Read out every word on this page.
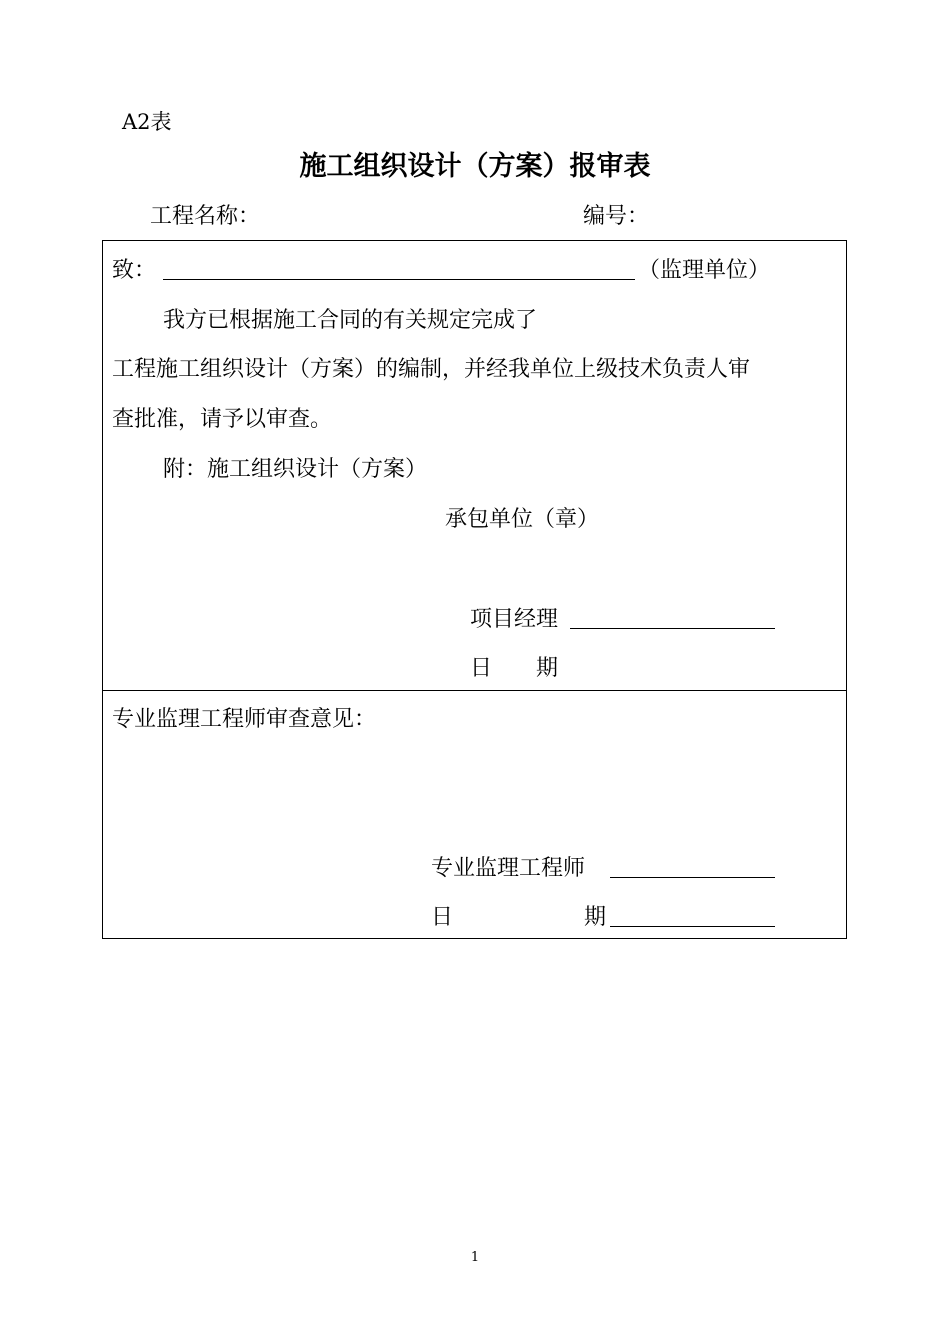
A2表
施工组织设计（方案）报审表
工程名称：	编号：
致：	（监理单位）
我方已根据施工合同的有关规定完成了
工程施工组织设计（方案）的编制，并经我单位上级技术负责人审
查批准，请予以审查。
附：施工组织设计（方案）
承包单位（章）
项目经理
日　　期
专业监理工程师审查意见：
专业监理工程师
日	期
1
